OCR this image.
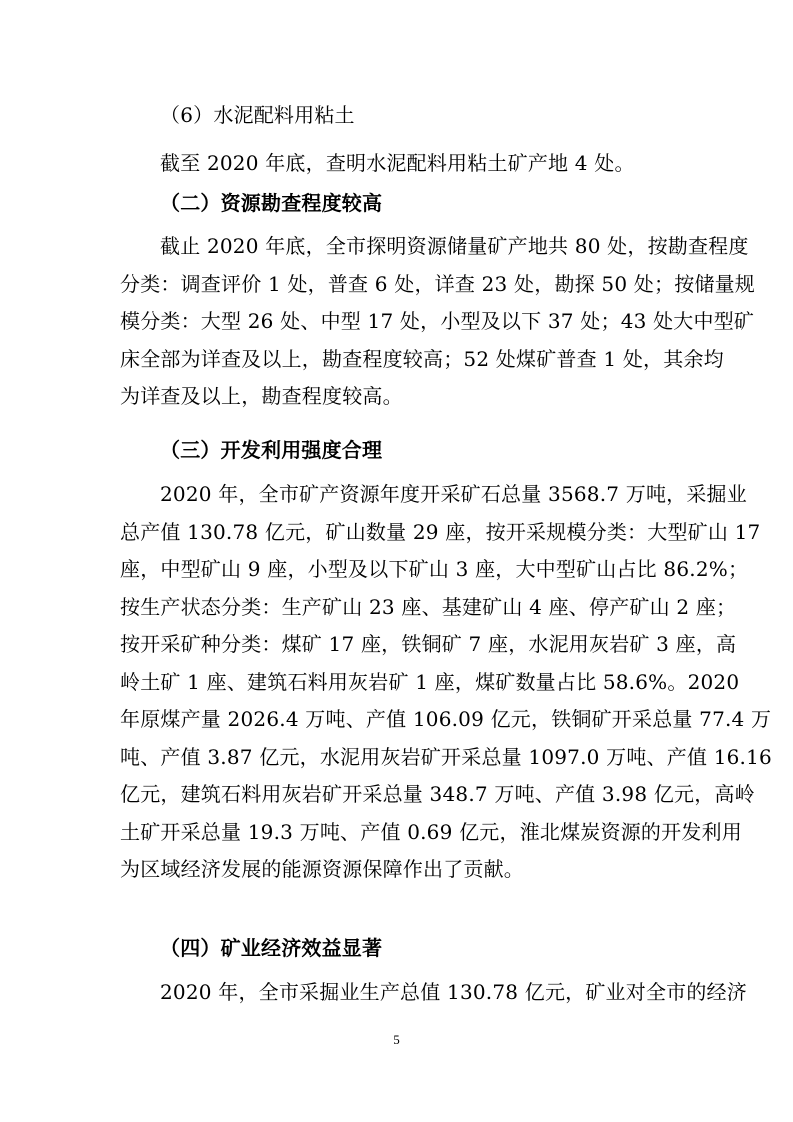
（6）水泥配料用粘土
截至 2020 年底，查明水泥配料用粘土矿产地 4 处。
（二）资源勘查程度较高
截止 2020 年底，全市探明资源储量矿产地共 80 处，按勘查程度
分类：调查评价 1 处，普查 6 处，详查 23 处，勘探 50 处；按储量规
模分类：大型 26 处、中型 17 处，小型及以下 37 处；43 处大中型矿
床全部为详查及以上，勘查程度较高；52 处煤矿普查 1 处，其余均
为详查及以上，勘查程度较高。
（三）开发利用强度合理
2020 年，全市矿产资源年度开采矿石总量 3568.7 万吨，采掘业
总产值 130.78 亿元，矿山数量 29 座，按开采规模分类：大型矿山 17
座，中型矿山 9 座，小型及以下矿山 3 座，大中型矿山占比 86.2%；
按生产状态分类：生产矿山 23 座、基建矿山 4 座、停产矿山 2 座；
按开采矿种分类：煤矿 17 座，铁铜矿 7 座，水泥用灰岩矿 3 座，高
岭土矿 1 座、建筑石料用灰岩矿 1 座，煤矿数量占比 58.6%。2020
年原煤产量 2026.4 万吨、产值 106.09 亿元，铁铜矿开采总量 77.4 万
吨、产值 3.87 亿元，水泥用灰岩矿开采总量 1097.0 万吨、产值 16.16
亿元，建筑石料用灰岩矿开采总量 348.7 万吨、产值 3.98 亿元，高岭
土矿开采总量 19.3 万吨、产值 0.69 亿元，淮北煤炭资源的开发利用
为区域经济发展的能源资源保障作出了贡献。
（四）矿业经济效益显著
2020 年，全市采掘业生产总值 130.78 亿元，矿业对全市的经济
5
